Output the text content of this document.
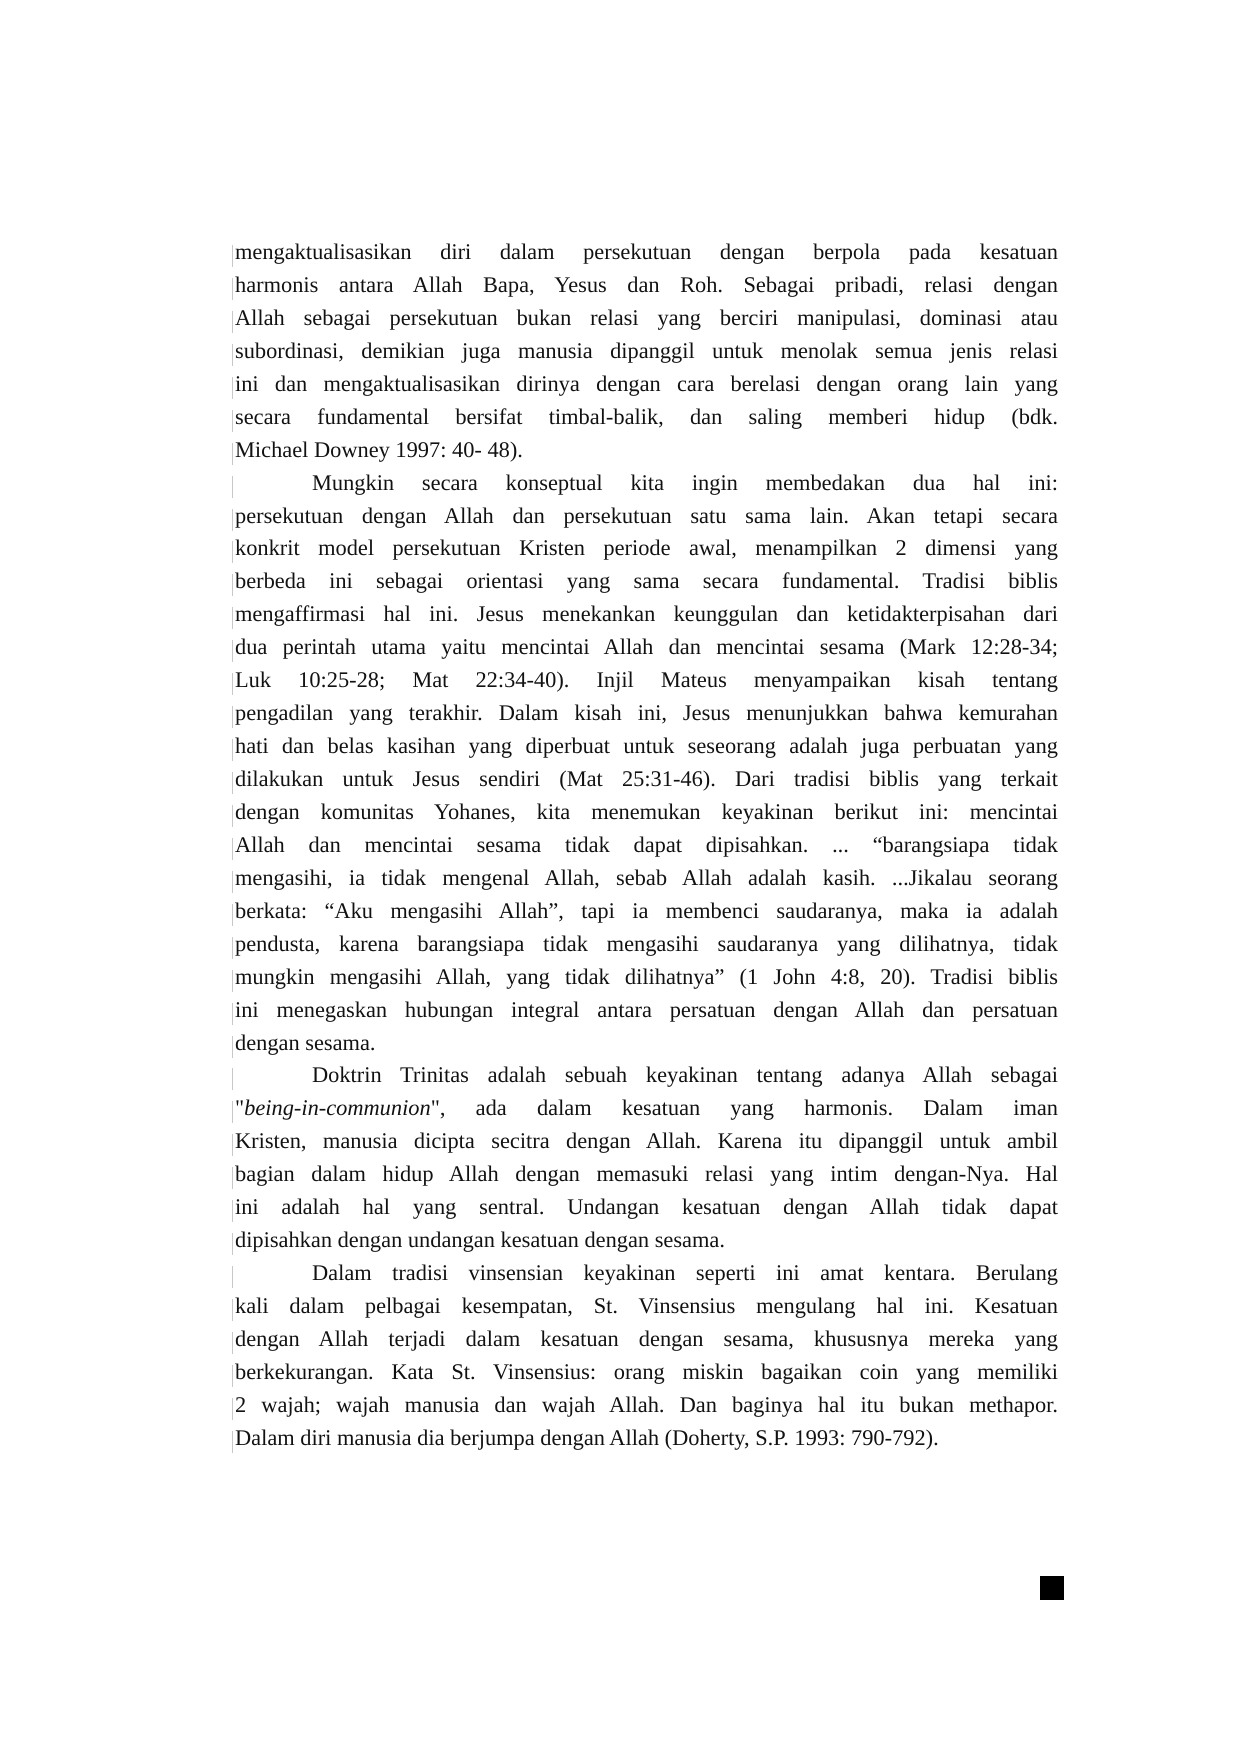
mengaktualisasikan diri dalam persekutuan dengan berpola pada kesatuan
harmonis antara Allah Bapa, Yesus dan Roh. Sebagai pribadi, relasi dengan
Allah sebagai persekutuan bukan relasi yang berciri manipulasi, dominasi atau
subordinasi, demikian juga manusia dipanggil untuk menolak semua jenis relasi
ini dan mengaktualisasikan dirinya dengan cara berelasi dengan orang lain yang
secara fundamental bersifat timbal-balik, dan saling memberi hidup (bdk.
Michael Downey 1997: 40- 48).
Mungkin secara konseptual kita ingin membedakan dua hal ini:
persekutuan dengan Allah dan persekutuan satu sama lain. Akan tetapi secara
konkrit model persekutuan Kristen periode awal, menampilkan 2 dimensi yang
berbeda ini sebagai orientasi yang sama secara fundamental. Tradisi biblis
mengaffirmasi hal ini. Jesus menekankan keunggulan dan ketidakterpisahan dari
dua perintah utama yaitu mencintai Allah dan mencintai sesama (Mark 12:28-34;
Luk 10:25-28; Mat 22:34-40). Injil Mateus menyampaikan kisah tentang
pengadilan yang terakhir. Dalam kisah ini, Jesus menunjukkan bahwa kemurahan
hati dan belas kasihan yang diperbuat untuk seseorang adalah juga perbuatan yang
dilakukan untuk Jesus sendiri (Mat 25:31-46). Dari tradisi biblis yang terkait
dengan komunitas Yohanes, kita menemukan keyakinan berikut ini: mencintai
Allah dan mencintai sesama tidak dapat dipisahkan. ... “barangsiapa tidak
mengasihi, ia tidak mengenal Allah, sebab Allah adalah kasih. ...Jikalau seorang
berkata: “Aku mengasihi Allah”, tapi ia membenci saudaranya, maka ia adalah
pendusta, karena barangsiapa tidak mengasihi saudaranya yang dilihatnya, tidak
mungkin mengasihi Allah, yang tidak dilihatnya” (1 John 4:8, 20). Tradisi biblis
ini menegaskan hubungan integral antara persatuan dengan Allah dan persatuan
dengan sesama.
Doktrin Trinitas adalah sebuah keyakinan tentang adanya Allah sebagai
"being-in-communion", ada dalam kesatuan yang harmonis. Dalam iman
Kristen, manusia dicipta secitra dengan Allah. Karena itu dipanggil untuk ambil
bagian dalam hidup Allah dengan memasuki relasi yang intim dengan-Nya. Hal
ini adalah hal yang sentral. Undangan kesatuan dengan Allah tidak dapat
dipisahkan dengan undangan kesatuan dengan sesama.
Dalam tradisi vinsensian keyakinan seperti ini amat kentara. Berulang
kali dalam pelbagai kesempatan, St. Vinsensius mengulang hal ini. Kesatuan
dengan Allah terjadi dalam kesatuan dengan sesama, khususnya mereka yang
berkekurangan. Kata St. Vinsensius: orang miskin bagaikan coin yang memiliki
2 wajah; wajah manusia dan wajah Allah. Dan baginya hal itu bukan methapor.
Dalam diri manusia dia berjumpa dengan Allah (Doherty, S.P. 1993: 790-792).
